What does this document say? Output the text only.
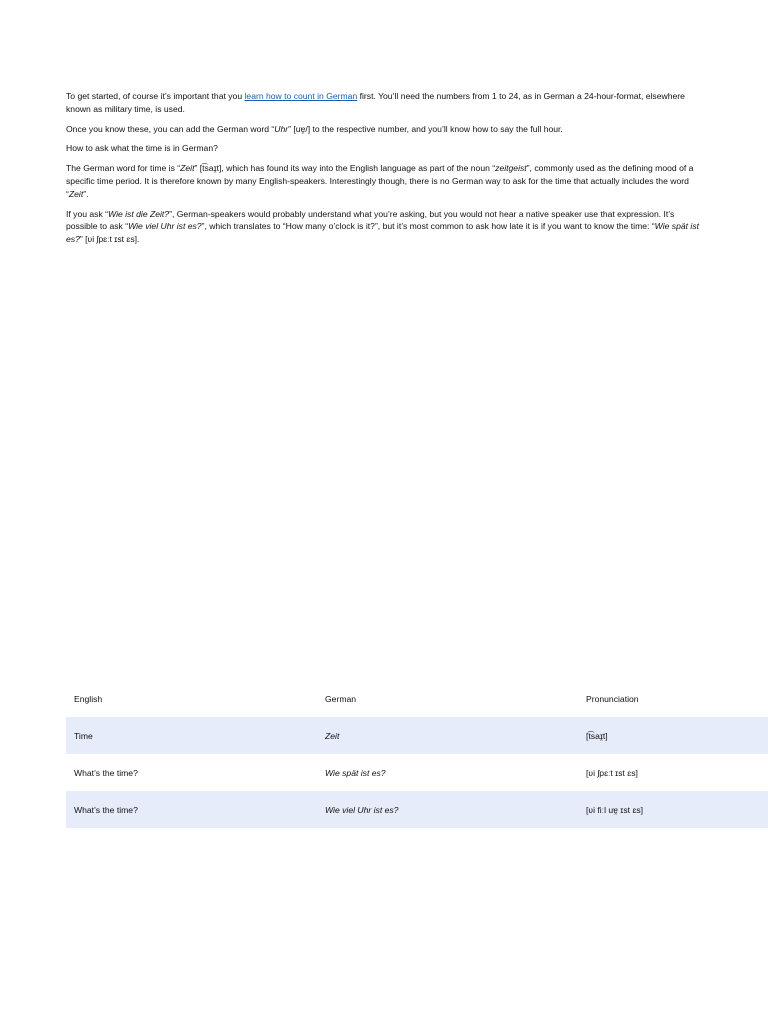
To get started, of course it’s important that you learn how to count in German first. You’ll need the numbers from 1 to 24, as in German a 24-hour-format, elsewhere known as military time, is used.

Once you know these, you can add the German word “Uhr” [uɐ̯/] to the respective number, and you’ll know how to say the full hour.

How to ask what the time is in German?

The German word for time is “Zeit” [t͡saɪ̯t], which has found its way into the English language as part of the noun “zeitgeist”, commonly used as the defining mood of a specific time period. It is therefore known by many English-speakers. Interestingly though, there is no German way to ask for the time that actually includes the word “Zeit”.

If you ask “Wie ist die Zeit?”, German-speakers would probably understand what you’re asking, but you would not hear a native speaker use that expression. It’s possible to ask “Wie viel Uhr ist es?”, which translates to “How many o’clock is it?”, but it’s most common to ask how late it is if you want to know the time: “Wie spät ist es?” [ʋi ʃpɛːt ɪst ɛs].

English	German	Pronunciation
Time	Zeit	[t͡saɪ̯t]
What’s the time?	Wie spät ist es?	[ʋi ʃpɛːt ɪst ɛs]
What’s the time?	Wie viel Uhr ist es?	[ʋi fiːl uɐ̯ ɪst ɛs]
